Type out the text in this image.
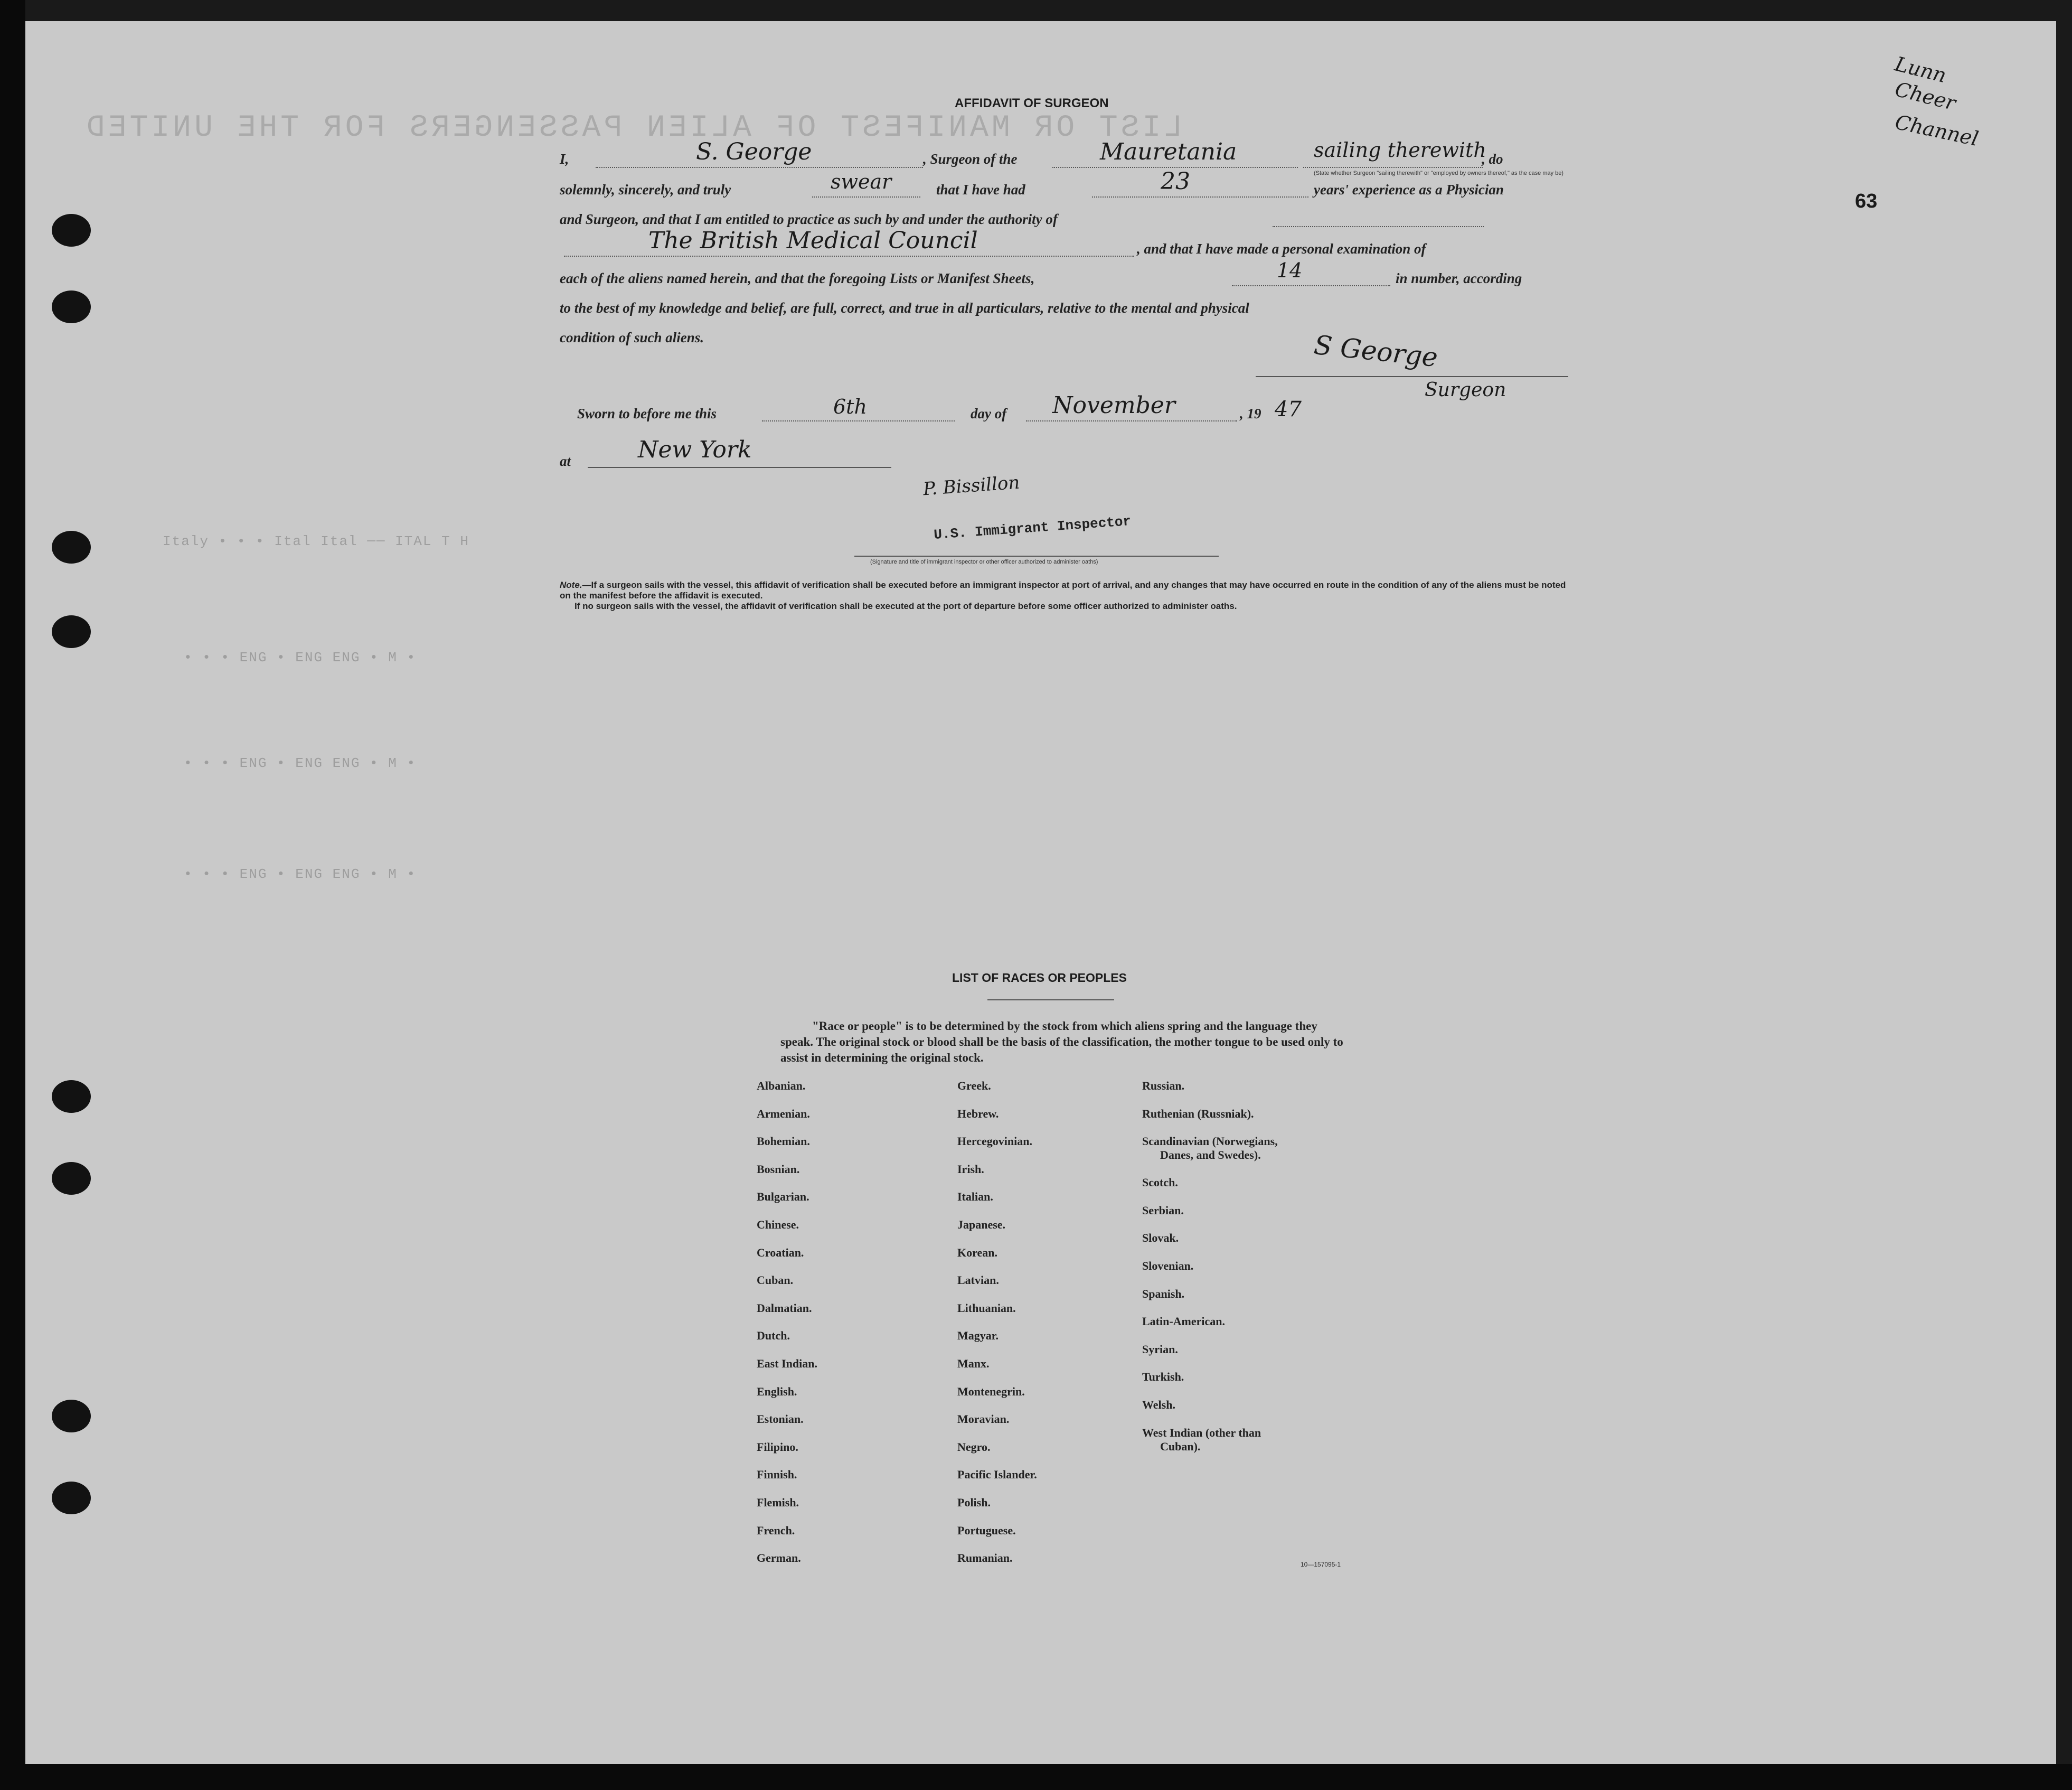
LIST OR MANIFEST OF ALIEN PASSENGERS FOR THE UNITED
Lunn
Cheer
Channel
63
AFFIDAVIT OF SURGEON
I,	S. George	, Surgeon of the	Mauretania	sailing therewith
, do
(State whether Surgeon "sailing therewith" or "employed by owners thereof," as the case may be)
solemnly, sincerely, and truly	swear	that I have had	23	years' experience as a Physician
and Surgeon, and that I am entitled to practice as such by and under the authority of
The British Medical Council	, and that I have made a personal examination of
each of the aliens named herein, and that the foregoing Lists or Manifest Sheets,	14	in number, according
to the best of my knowledge and belief, are full, correct, and true in all particulars, relative to the mental and physical
condition of such aliens.	S George
Surgeon
Sworn to before me this	6th	day of November	, 19 47
at	New York
P. Bissillon
U.S. Immigrant Inspector
(Signature and title of immigrant inspector or other officer authorized to administer oaths)
Note.—If a surgeon sails with the vessel, this affidavit of verification shall be executed before an immigrant inspector at port of arrival, and any changes that may have occurred en route in the condition of any of the aliens must be noted on the manifest before the affidavit is executed.
If no surgeon sails with the vessel, the affidavit of verification shall be executed at the port of departure before some officer authorized to administer oaths.
Italy • • • Ital Ital ── ITAL T H
• • • ENG • ENG ENG • M •
• • • ENG • ENG ENG • M •
• • • ENG • ENG ENG • M •
LIST OF RACES OR PEOPLES
"Race or people" is to be determined by the stock from which aliens spring and the language they speak. The original stock or blood shall be the basis of the classification, the mother tongue to be used only to assist in determining the original stock.
Albanian.
Armenian.
Bohemian.
Bosnian.
Bulgarian.
Chinese.
Croatian.
Cuban.
Dalmatian.
Dutch.
East Indian.
English.
Estonian.
Filipino.
Finnish.
Flemish.
French.
German.
Greek.
Hebrew.
Hercegovinian.
Irish.
Italian.
Japanese.
Korean.
Latvian.
Lithuanian.
Magyar.
Manx.
Montenegrin.
Moravian.
Negro.
Pacific Islander.
Polish.
Portuguese.
Rumanian.
Russian.
Ruthenian (Russniak).
Scandinavian (Norwegians,
Danes, and Swedes).
Scotch.
Serbian.
Slovak.
Slovenian.
Spanish.
Latin-American.
Syrian.
Turkish.
Welsh.
West Indian (other than
Cuban).
10—157095-1
